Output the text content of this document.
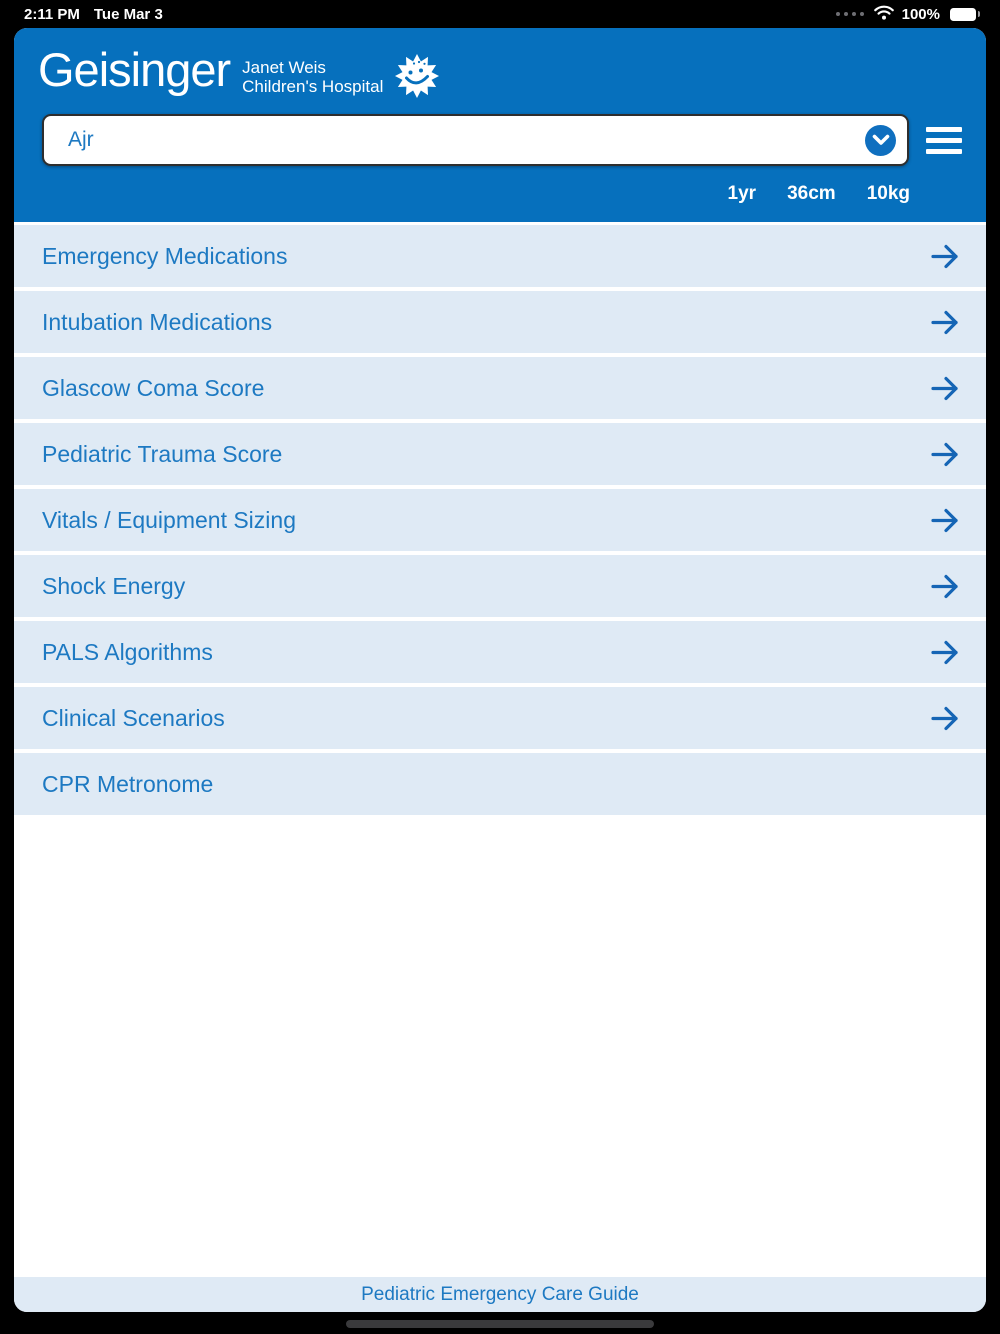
2:11 PM Tue Mar 3	100%
Geisinger Janet Weis
Children's Hospital
Ajr
1yr 36cm 10kg
Emergency Medications
Intubation Medications
Glascow Coma Score
Pediatric Trauma Score
Vitals / Equipment Sizing
Shock Energy
PALS Algorithms
Clinical Scenarios
CPR Metronome
Pediatric Emergency Care Guide
